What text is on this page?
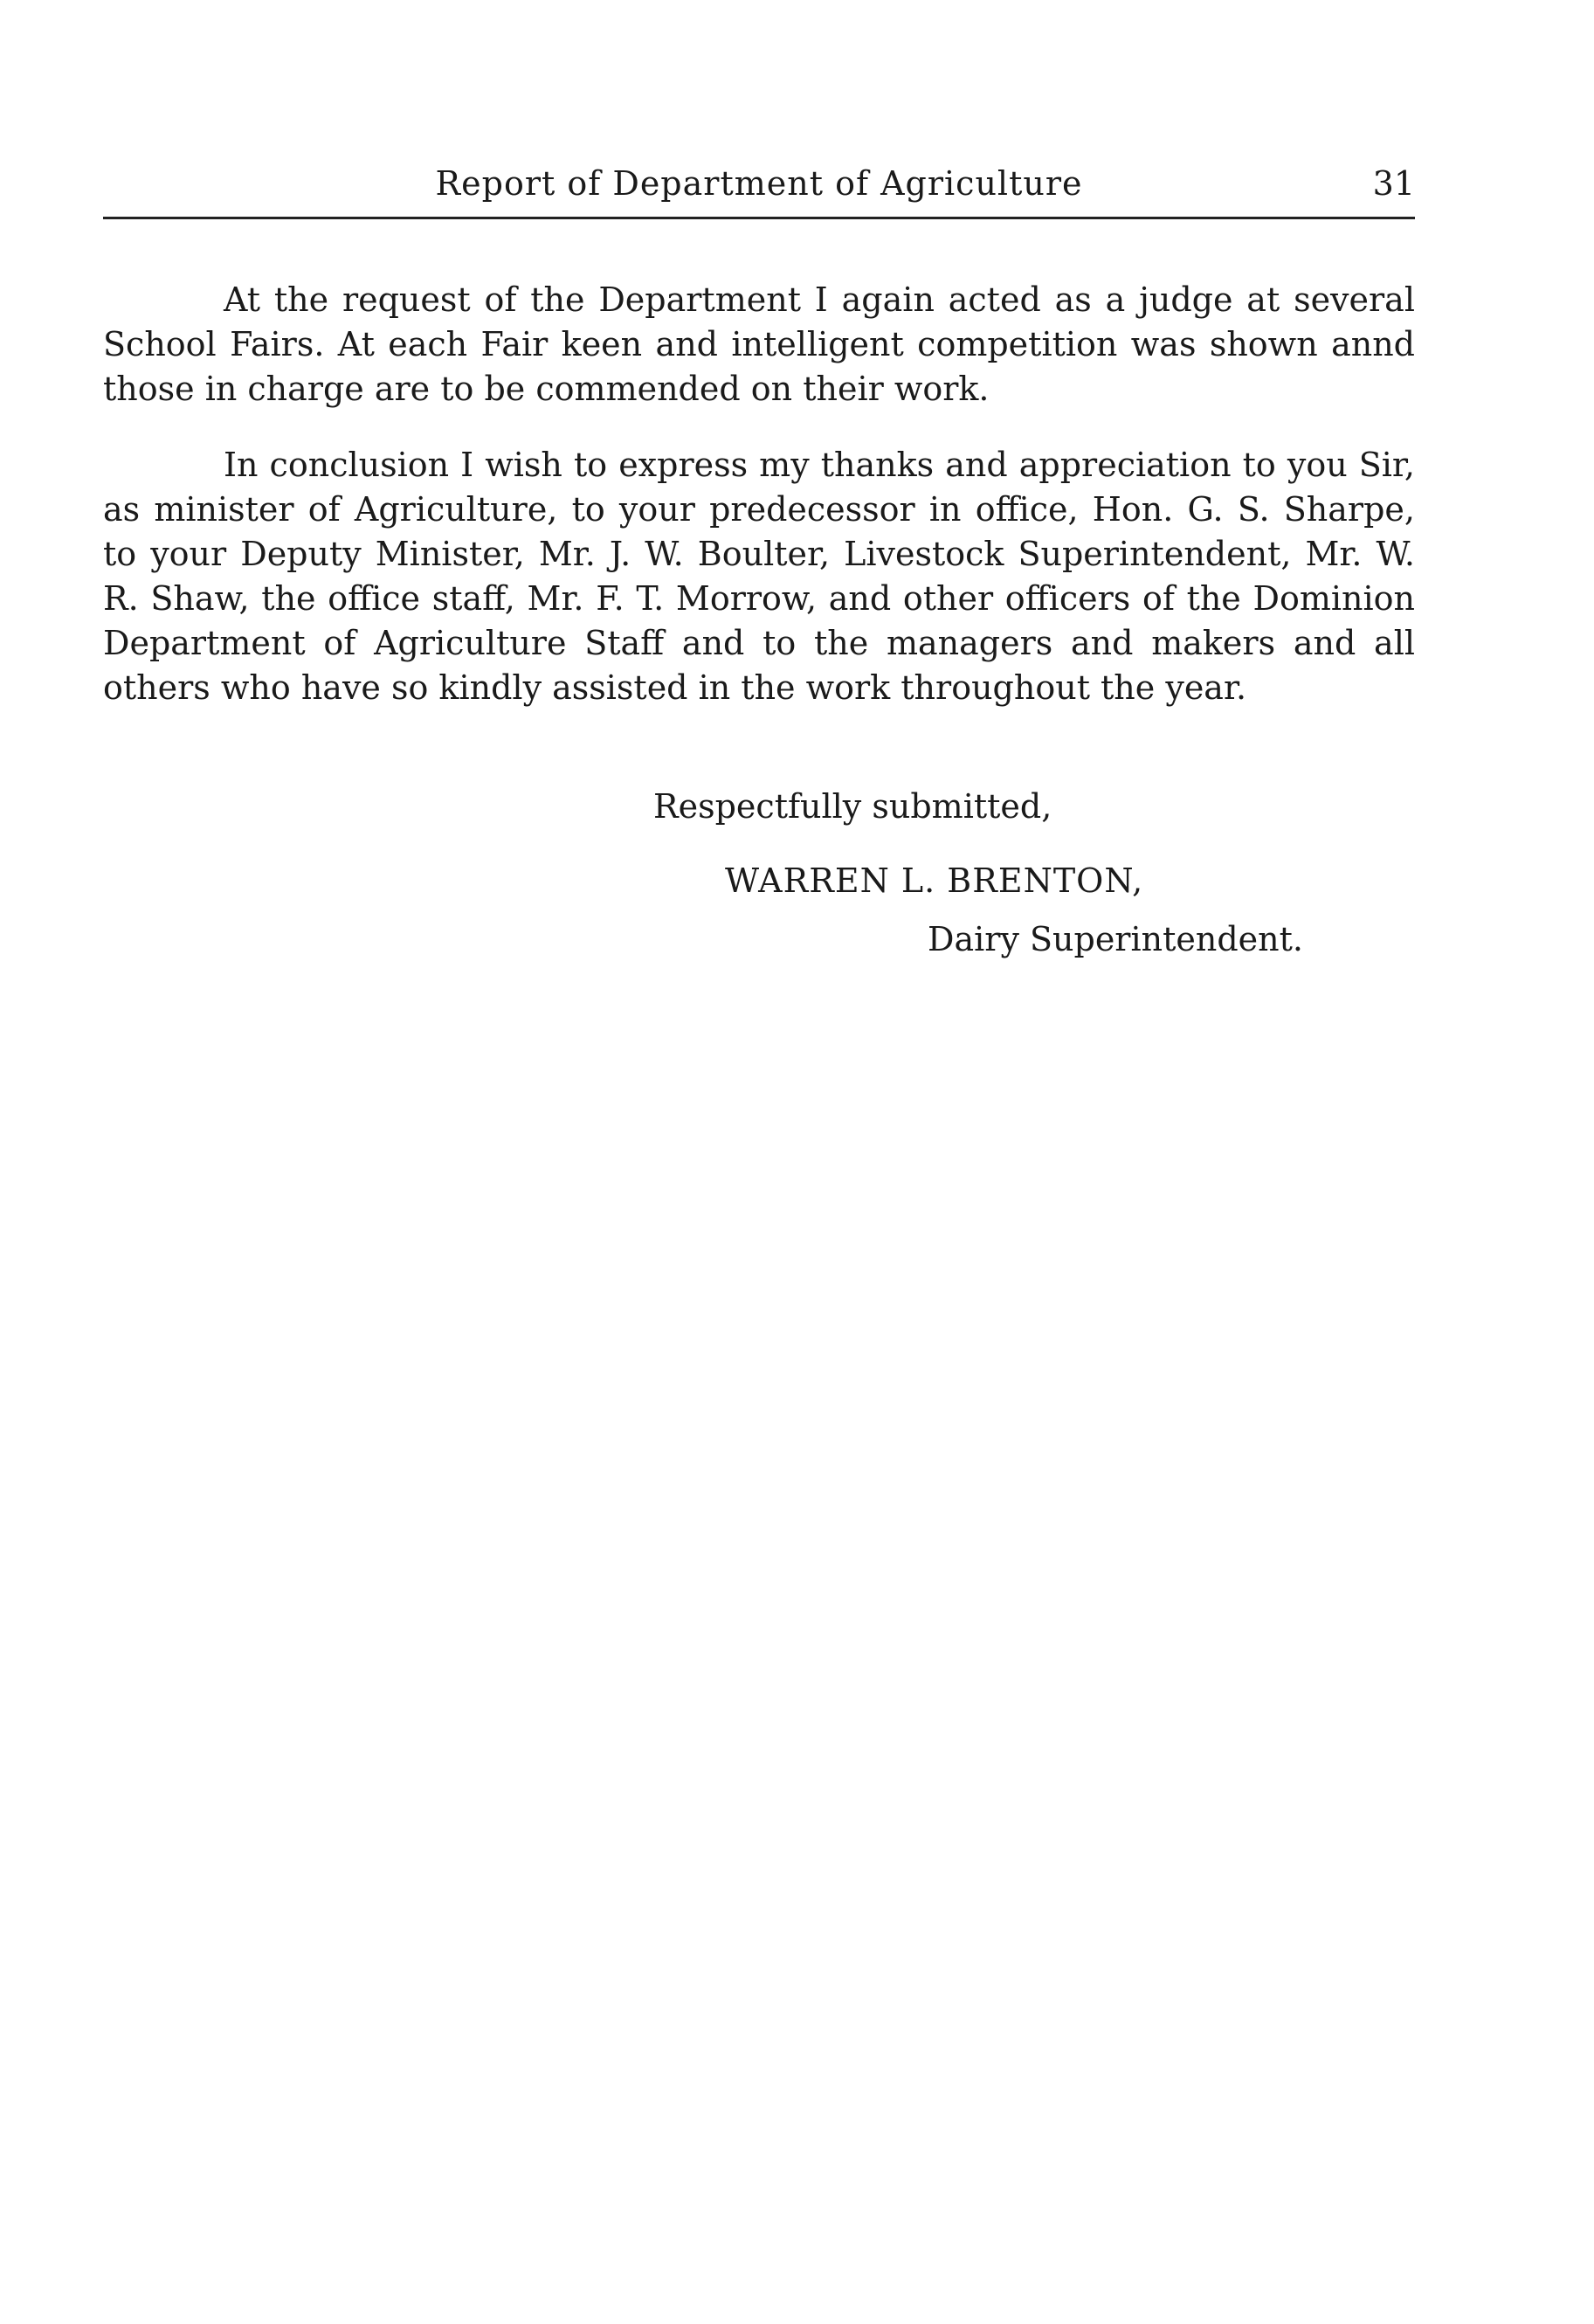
Report of Department of Agriculture	31

At the request of the Department I again acted as a judge at several School Fairs. At each Fair keen and intelligent competition was shown annd those in charge are to be commended on their work.

In conclusion I wish to express my thanks and appreciation to you Sir, as minister of Agriculture, to your predecessor in office, Hon. G. S. Sharpe, to your Deputy Minister, Mr. J. W. Boulter, Livestock Superintendent, Mr. W. R. Shaw, the office staff, Mr. F. T. Morrow, and other officers of the Dominion Department of Agriculture Staff and to the managers and makers and all others who have so kindly assisted in the work throughout the year.

Respectfully submitted,
WARREN L. BRENTON,
Dairy Superintendent.
